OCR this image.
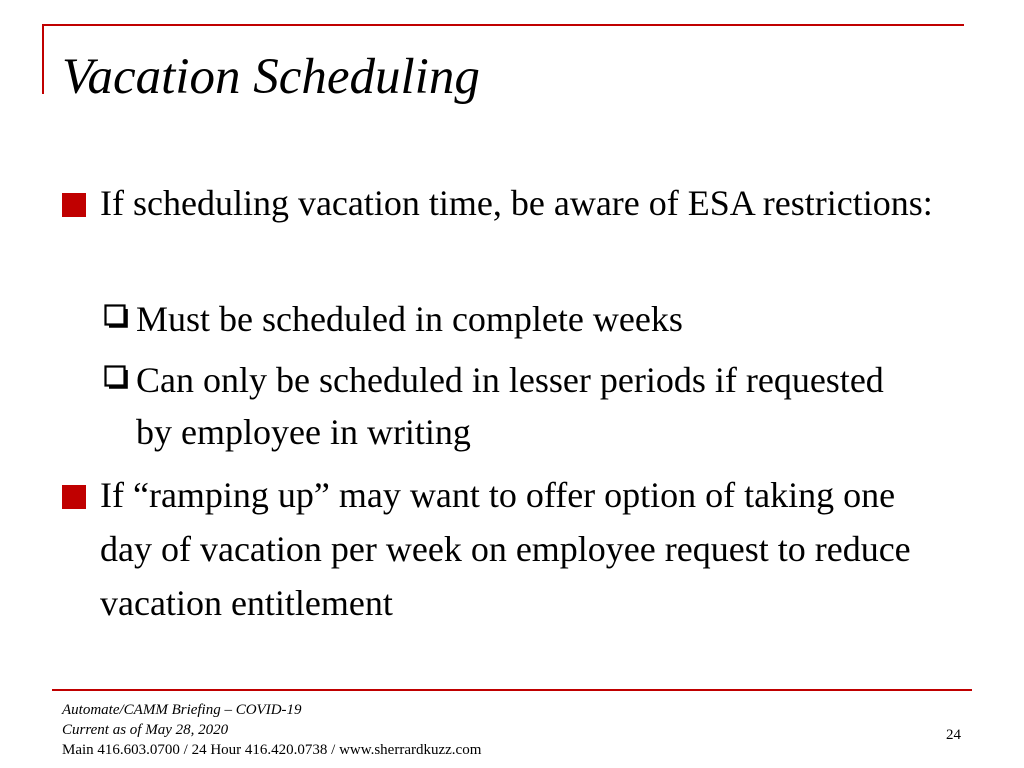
Vacation Scheduling
If scheduling vacation time, be aware of ESA restrictions:
Must be scheduled in complete weeks
Can only be scheduled in lesser periods if requested by employee in writing
If “ramping up” may want to offer option of taking one day of vacation per week on employee request to reduce vacation entitlement
Automate/CAMM Briefing – COVID-19
Current as of May 28, 2020
Main 416.603.0700 / 24 Hour 416.420.0738 / www.sherrardkuzz.com
24
